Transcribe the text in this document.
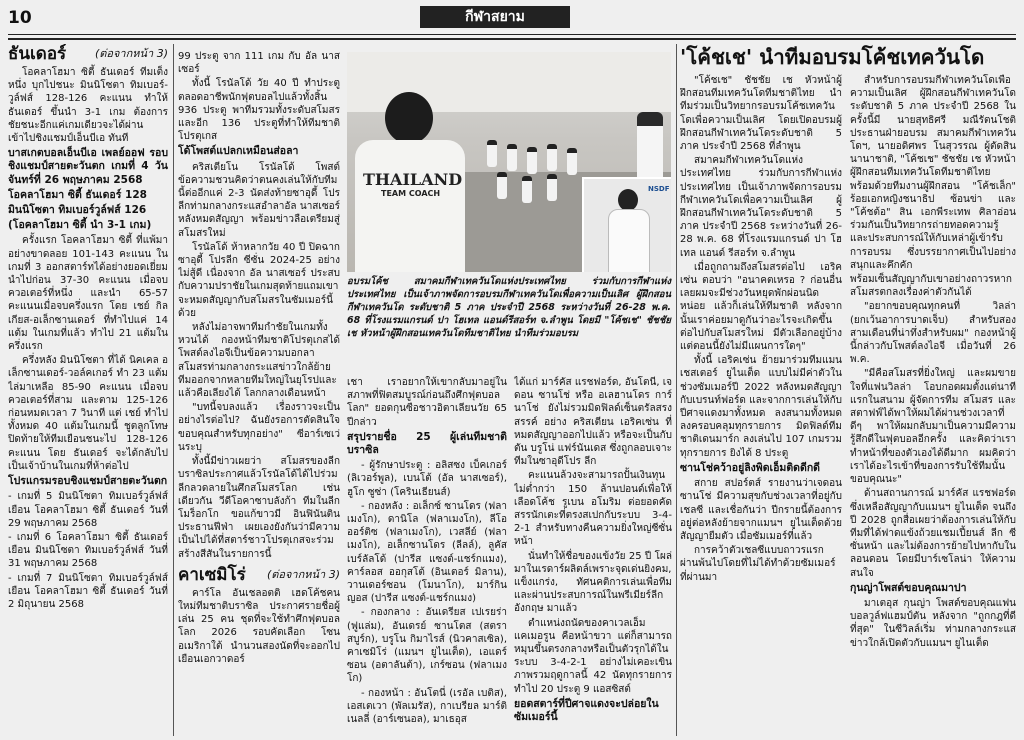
10	กีฬาสยาม
ธันเดอร์	(ต่อจากหน้า 3)

โอคลาโฮมา ซิตี้ ธันเดอร์ ทีมเต็งหนึ่ง บุกไปชนะ มินนิโซตา ทิมเบอร์-วูล์ฟส์ 128-126 คะแนน ทำให้ ธันเดอร์ ขึ้นนำ 3-1 เกม ต้องการชัยชนะอีกแค่เกมเดียวจะได้ผ่านเข้าไปชิงแชมป์เอ็นบีเอ ทันที

บาสเกตบอลเอ็นบีเอ เพลย์ออฟ รอบชิงแชมป์สายตะวันตก เกมที่ 4 วันจันทร์ที่ 26 พฤษภาคม 2568

โอคลาโฮมา ซิตี้ ธันเดอร์ 128

มินนิโซตา ทิมเบอร์วูล์ฟส์ 126

(โอคลาโฮมา ซิตี้ นำ 3-1 เกม)

ครั้งแรก โอคลาโฮมา ซิตี้ ที่แพ้มาอย่างขาดลอย 101-143 คะแนน ในเกมที่ 3 ออกสตาร์ทได้อย่างยอดเยี่ยม นำไปก่อน 37-30 คะแนน เมื่อจบควอเตอร์ที่หนึ่ง และนำ 65-57 คะแนนเมื่อจบครึ่งแรก โดย เชย์ กิลเกียส-อเล็กซานเดอร์ ที่ทำไปแค่ 14 แต้ม ในเกมที่แล้ว ทำไป 21 แต้มในครึ่งแรก

ครึ่งหลัง มินนิโซตา ที่ได้ นิคเคล อเล็กซานเดอร์-วอล์คเกอร์ ทำ 23 แต้ม ไล่มาเหลือ 85-90 คะแนน เมื่อจบควอเตอร์ที่สาม และตาม 125-126 ก่อนหมดเวลา 7 วินาที แต่ เชย์ ทำไป ทั้งหมด 40 แต้มในเกมนี้ ชูตลูกโทษปิดท้ายให้ทีมเยือนชนะไป 128-126 คะแนน โดย ธันเดอร์ จะได้กลับไปเป็นเจ้าบ้านในเกมที่ห้าต่อไป

โปรแกรมรอบชิงแชมป์สายตะวันตก

- เกมที่ 5 มินนิโซตา ทิมเบอร์วูล์ฟส์ เยือน โอคลาโฮมา ซิตี้ ธันเดอร์ วันที่ 29 พฤษภาคม 2568

- เกมที่ 6 โอคลาโฮมา ซิตี้ ธันเดอร์ เยือน มินนิโซตา ทิมเบอร์วูล์ฟส์ วันที่ 31 พฤษภาคม 2568

- เกมที่ 7 มินนิโซตา ทิมเบอร์วูล์ฟส์ เยือน โอคลาโฮมา ซิตี้ ธันเดอร์ วันที่ 2 มิถุนายน 2568

99 ประตู จาก 111 เกม กับ อัล นาสเซอร์

ทั้งนี้ โรนัลโด้ วัย 40 ปี ทำประตูตลอดอาชีพนักฟุตบอลไปแล้วทั้งสิ้น 936 ประตู พาทีมรวมทั้งระดับสโมสร และอีก 136 ประตูที่ทำให้ทีมชาติโปรตุเกส

โด้โพสต์แปลกเหมือนส่อลา

คริสเตียโน โรนัลโด้ โพสต์ข้อความชวนคิดว่าตนคงเล่นให้กับทีมนี้ต่ออีกแค่ 2-3 นัดส่งท้ายซาอุดี้ โปรลีกท่ามกลางกระแสอำลาอัล นาสเซอร์ หลังหมดสัญญา พร้อมข่าวลือเตรียมสู่สโมสรใหม่

โรนัลโด้ ห้าหลากวัย 40 ปี ปิดฉากซาอุดี้ โปรลีก ซีซั่น 2024-25 อย่างไม่สู้ดี เนื่องจาก อัล นาสเซอร์ ประสบกับความปราชัยในเกมสุดท้ายแถมเขาจะหมดสัญญากับสโมสรในซัมเมอร์นี้ด้วย

หลังไม่อาจพาทีมกำชัยในเกมทั้งหวนได้ กองหน้าทีมชาติโปรตุเกสได้โพสต์ลงไอจีเป็นข้อความบอกลาสโมสรท่ามกลางกระแสข่าวใกล้ย้ายทีมออกจากหลายทีมใหญ่ในยุโรปและแล้วคือเลียงได้ โลกกลางเดือนหน้า

"บทนี้จบลงแล้ว เรื่องราวจะเป็นอย่างไรต่อไป? ฉันยังรอการตัดสินใจ ขอบคุณสำหรับทุกอย่าง" ซีอาร์เซเว่นระบุ

ทั้งนี้มีข่าวเผยว่า สโมสรของลีกบราซิลประกาศแล้วโรนัลโด้ได้ไปร่วมลีกลวดลายในศึกสโมสรโลก เช่นเดียวกัน วีดีโอคาซาบลังก้า ทีมในลีกโมร็อกโก ขอแก้ขาวมี อินฟินันติน ประธานฟีฟ่า เผยเองยังกันว่ามีความเป็นไปได้ที่สตาร์ชาวโปรตุเกสจะร่วมสร้างสีสันในรายการนี้

คาเซมิโร่ (ต่อจากหน้า 3)

คาร์โล อันเชลอตติ เฮดโค้ชคนใหม่ทีมชาติบราซิล ประกาศรายชื่อผู้เล่น 25 คน ชุดที่จะใช้ทำศึกฟุตบอลโลก 2026 รอบคัดเลือก โซนอเมริกาใต้ นำนวนสองนัดที่จะออกไปเยือนเอกวาดอร์

THAILAND
TEAM COACH	NSDF
อบรมโค้ช สมาคมกีฬาเทควันโดแห่งประเทศไทย ร่วมกับการกีฬาแห่งประเทศไทย เป็นเจ้าภาพจัดการอบรมกีฬาเทควันโดเพื่อความเป็นเลิศ ผู้ฝึกสอนกีฬาเทควันโด ระดับชาติ 5 ภาค ประจำปี 2568 ระหว่างวันที่ 26-28 พ.ค. 68 ที่โรงแรมแกรนด์ ปา โฮเทล แอนด์รีสอร์ท จ.ลำพูน โดยมี "โค้ชเช" ชัชชัย เช หัวหน้าผู้ฝึกสอนเทควันโดทีมชาติไทย นำทีมร่วมอบรม

เชา เราอยากให้เขากลับมาอยู่ในสภาพที่ฟิตสมบูรณ์ก่อนถึงศึกฟุตบอลโลก" ยอดกุนซือชาวอิตาเลียนวัย 65 ปีกล่าว

สรุปรายชื่อ 25 ผู้เล่นทีมชาติบราซิล

- ผู้รักษาประตู : อลิสซง เบ็คเกอร์ (ลิเวอร์พูล), เบนโต้ (อัล นาสเซอร์), ฮูโก ซูซ่า (โครินเธียนส์)

- กองหลัง : อเล็กซ์ ซานโดร (ฟลาเมงโก), ดานิโล (ฟลาเมงโก), ลีโอ ออร์ติซ (ฟลาเมงโก), เวสลีย์ (ฟลาเมงโก), อเล็กซานโดร (ลีลล์), ลูคัส เบร์ลัลโด้ (ปารีส แซงต์-แชร์กแมง), คาร์ลอส ออกุสโต้ (อินเตอร์ มิลาน), วานเดอร์ซอน (โมนาโก), มาร์กินญอส (ปารีส แซงต์-แชร์กแมง)

- กองกลาง : อันเดรียส เปเรยร่า (ฟูแล่ม), อันเดรย์ ซานโตส (สตราสบูร์ก), บรูโน กิมาไรส์ (นิวคาสเซิล), คาเซมิโร่ (แมนฯ ยูไนเต็ด), เอแดร์ซอน (อตาลันต้า), เกร์ซอน (ฟลาเมงโก)

- กองหน้า : อันโตนี่ (เรอัล เบติส), เอสเตเวา (พัลเมรัส), กาเบรียล มาร์ติเนลลี่ (อาร์เซนอล), มาเธอุส

ได้แก่ มาร์คัส แรชฟอร์ด, อันโตนี่, เจดอน ซานโช่ หรือ อเลฮานโดร การ์นาโช่ ยังไม่รวมมิดฟิลด์เซ็นตรัลสรงสรรค์ อย่าง คริสเตียน เอริคเซ่น ที่หมดสัญญาออกไปแล้ว หรือจะเป็นกับตัน บรูโน่ แฟร์นันเดส ซึ่งถูกลอบเจาะทีมในซาอุดีโปร ลีก

คะแนนล้วงจะสามารถปั้นเงินทุนไม่ต่ำกว่า 150 ล้านปอนด์เพื่อให้เลือดโค้ช รูเบน อโมริม ต่อยอดคัดสรรนักเตะที่ตรงสเปกกับระบบ 3-4-2-1 สำหรับทางคืนความยิ่งใหญ่ซีซั่นหน้า

นั่นทำให้ชื่อของแข้งวัย 25 ปี โผล่มาในเรดาร์ผลิตล์เพราะจุดเด่นยิงคม, แข็งแกร่ง, ทัศนคติการเล่นเพื่อทีม และผ่านประสบการณ์ในพรีเมียร์ลีก อังกฤษ มาแล้ว

ตำแหน่งถนัดของคาเวลเอ็ม แคเมอรูน คือหน้าขวา แต่ก็สามารถหมุนขึ้นตรงกลางหรือเป็นตัวรุกได้ในระบบ 3-4-2-1 อย่างไม่เคอะเขิน ภาพรวมฤดูกาลนี้ 42 นัดทุกรายการทำไป 20 ประตู 9 แอสซิสต์

ยอดสตาร์ที่ปีศาจแดงจะปล่อยในซัมเมอร์นี้

'โค้ชเช' นำทีมอบรมโค้ชเทควันโด

"โค้ชเช" ชัชชัย เช หัวหน้าผู้ฝึกสอนทีมเทควันโดทีมชาติไทย นำทีมร่วมเป็นวิทยากรอบรมโค้ชเทควันโดเพื่อความเป็นเลิศ โดยเปิดอบรมผู้ฝึกสอนกีฬาเทควันโดระดับชาติ 5 ภาค ประจำปี 2568 ที่ลำพูน

สมาคมกีฬาเทควันโดแห่งประเทศไทย ร่วมกับการกีฬาแห่งประเทศไทย เป็นเจ้าภาพจัดการอบรมกีฬาเทควันโดเพื่อความเป็นเลิศ ผู้ฝึกสอนกีฬาเทควันโดระดับชาติ 5 ภาค ประจำปี 2568 ระหว่างวันที่ 26-28 พ.ค. 68 ที่โรงแรมแกรนด์ ปา โฮเทล แอนด์ รีสอร์ท จ.ลำพูน

เมื่อถูกถามถึงสโมสรต่อไป เอริคเซ่น ตอบว่า "อนาคตเหรอ ? ก่อนอื่นเลยผมจะมีช่วงวันหยุดพักผ่อนนิดหน่อย แล้วก็เล่นให้ทีมชาติ หลังจากนั้นเราค่อยมาดูกันว่าอะไรจะเกิดขึ้นต่อไปกับสโมสรใหม่ มีตัวเลือกอยู่บ้าง แต่ตอนนี้ยังไม่มีแผนการใดๆ"

ทั้งนี้ เอริคเซ่น ย้ายมาร่วมทีมแมนเชสเตอร์ ยูไนเต็ด แบบไม่มีค่าตัวในช่วงซัมเมอร์ปี 2022 หลังหมดสัญญากับเบรนท์ฟอร์ด และจากการเล่นให้กับปีศาจแดงมาทั้งหมด ลงสนามทั้งหมด ลงครอบคลุมทุกรายการ มิดฟิลด์ทีมชาติเดนมาร์ก ลงเล่นไป 107 เกมรวมทุกรายการ ยิงได้ 8 ประตู

ซานโช่คว้าอยู่ลิงพิดเอ็มติดดีกดี

สกาย สปอร์ตส์ รายงานว่าเจดอน ซานโช่ มีความสุขกับช่วงเวลาที่อยู่กับเชลซี และเชื่อกันว่า ปีกรายนี้ต้องการอยู่ต่อหลังย้ายจากแมนฯ ยูไนเต็ดด้วยสัญญายืมตัว เมื่อซัมเมอร์ที่แล้ว

การคว้าตัวเชลซีแบบถาวรแรกผ่านพ้นไปโดยที่ไม่ได้ทำด้วยซัมเมอร์ที่ผ่านมา

สำหรับการอบรมกีฬาเทควันโดเพื่อความเป็นเลิศ ผู้ฝึกสอนกีฬาเทควันโดระดับชาติ 5 ภาค ประจำปี 2568 ในครั้งนี้มี นายสุทธิศรี มณีรัตนโชติ ประธานฝ่ายอบรม สมาคมกีฬาเทควันโดฯ, นายอดิศพร โนสุวรรณ ผู้ตัดสินนานาชาติ, "โค้ชเช" ชัชชัย เช หัวหน้าผู้ฝึกสอนทีมเทควันโดทีมชาติไทย พร้อมด้วยทีมงานผู้ฝึกสอน "โค้ชเล็ก" ร้อยเอกหญิงชนาธิป ซ้อนข่า และ "โค้ชต้อ" สิน เอกพีระเทพ ศิลาอ่อน ร่วมกันเป็นวิทยากรถ่ายทอดความรู้และประสบการณ์ให้กับเหล่าผู้เข้ารับการอบรม ซึ่งบรรยากาศเป็นไปอย่างสนุกและคึกคัก

พร้อมเซ็นสัญญากับเขาอย่างถาวรหากสโมสรตกลงเรื่องค่าตัวกันได้

"อยากขอบคุณทุกคนที่ วิลล่า (ยกเว้นอาการบาดเจ็บ) สำหรับสองสามเดือนที่น่าทึ่งสำหรับผม" กองหน้าผู้นี้กล่าวกับโพสต์ลงไอจี เมื่อวันที่ 26 พ.ค.

"มีคือสโมสรที่ยิ่งใหญ่ และผมขายใจที่แฟนวิลล่า โอบกอดผมตั้งแต่นาทีแรกในสนาม ผู้จัดการทีม สโมสร และสตาฟฟ์ได้พาให้ผมได้ผ่านช่วงเวลาที่ดีๆ พาให้ผมกลับมาเป็นความมีความรู้สึกดีในฟุตบอลอีกครั้ง และคิดว่าเราทำหน้าที่ของตัวเองได้ดีมาก ผมคิดว่าเราได้อะไรเข้าที่ของการรับใช้ทีมนั้น ขอบคุณนะ"

ด้านสถานการณ์ มาร์คัส แรชฟอร์ด ซึ่งเหลือสัญญากับแมนฯ ยูไนเต็ด จนถึงปี 2028 ถูกสื่อเผยว่าต้องการเล่นให้กับทีมที่ได้ฟาดแข้งถ้วยแชมเปี้ยนส์ ลีก ซีซั่นหน้า และไม่ต้องการย้ายไปหากับในลอนดอน โดยมีบาร์เซโลน่า ให้ความสนใจ

กุนญ่าโพสต์ขอบคุณมาปา

มาเตอุส กุนญ่า โพสต์ขอบคุณแฟนบอลวูล์ฟแฮมป์ตัน หลังจาก "ถูกกฎที่ดีที่สุด" ในซีวิลล์เริ่ม ท่ามกลางกระแสข่าวใกล้เปิดตัวกับแมนฯ ยูไนเต็ด
